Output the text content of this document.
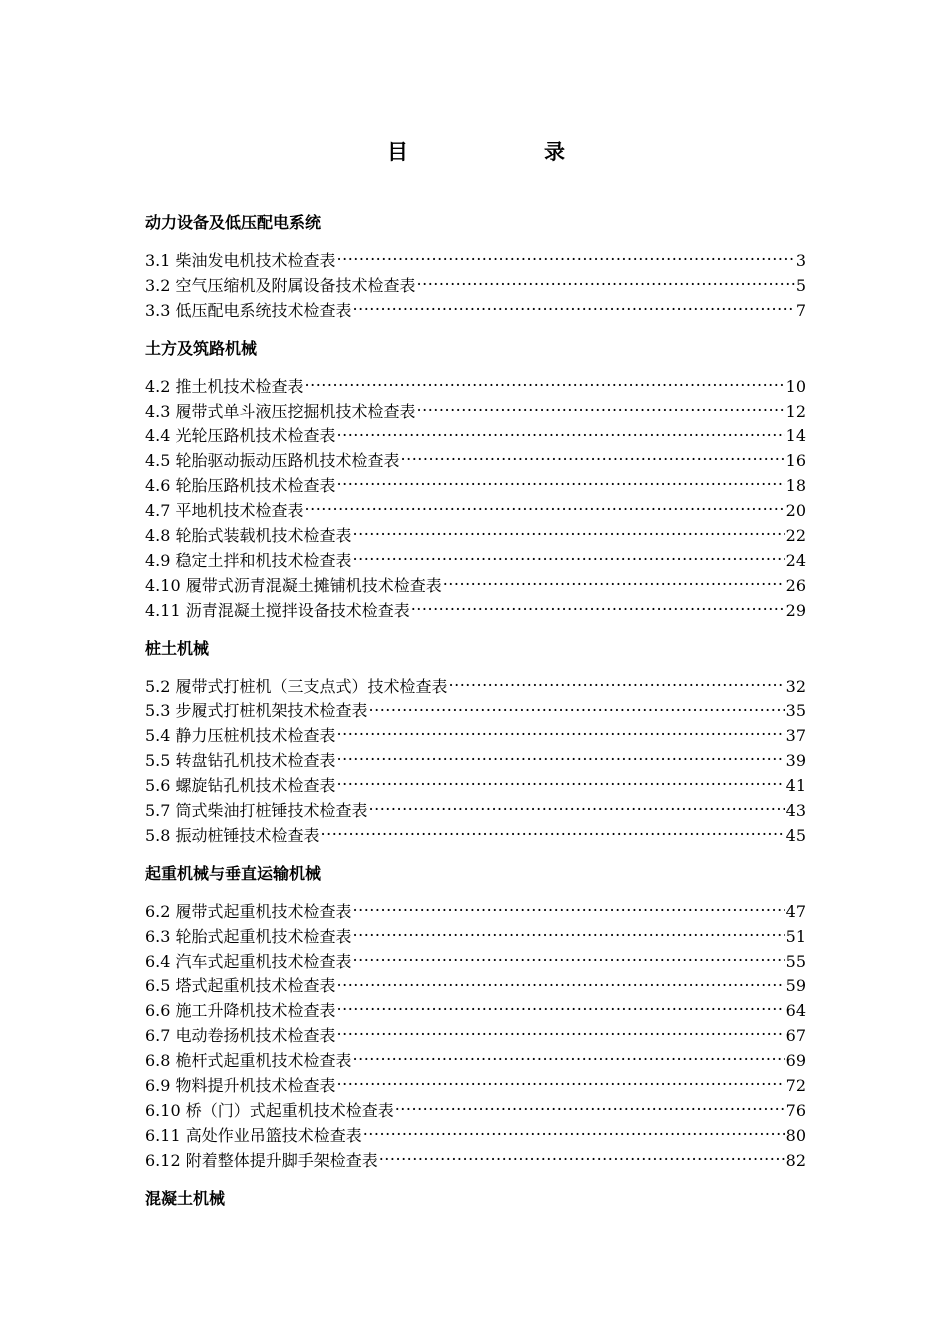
目	录
动力设备及低压配电系统
3.1 柴油发电机技术检查表 .....	3
3.2 空气压缩机及附属设备技术检查表 .....	5
3.3 低压配电系统技术检查表 .....	7
土方及筑路机械
4.2 推土机技术检查表 .....	10
4.3 履带式单斗液压挖掘机技术检查表 .....	12
4.4 光轮压路机技术检查表 .....	14
4.5 轮胎驱动振动压路机技术检查表 .....	16
4.6 轮胎压路机技术检查表 .....	18
4.7 平地机技术检查表 .....	20
4.8 轮胎式装载机技术检查表 .....	22
4.9 稳定土拌和机技术检查表 .....	24
4.10 履带式沥青混凝土摊铺机技术检查表 .....	26
4.11 沥青混凝土搅拌设备技术检查表 .....	29
桩土机械
5.2 履带式打桩机（三支点式）技术检查表 .....	32
5.3 步履式打桩机架技术检查表 .....	35
5.4 静力压桩机技术检查表 .....	37
5.5 转盘钻孔机技术检查表 .....	39
5.6 螺旋钻孔机技术检查表 .....	41
5.7 筒式柴油打桩锤技术检查表 .....	43
5.8 振动桩锤技术检查表 .....	45
起重机械与垂直运输机械
6.2 履带式起重机技术检查表 .....	47
6.3 轮胎式起重机技术检查表 .....	51
6.4 汽车式起重机技术检查表 .....	55
6.5 塔式起重机技术检查表 .....	59
6.6 施工升降机技术检查表 .....	64
6.7 电动卷扬机技术检查表 .....	67
6.8 桅杆式起重机技术检查表 .....	69
6.9 物料提升机技术检查表 .....	72
6.10 桥（门）式起重机技术检查表 .....	76
6.11 高处作业吊篮技术检查表 .....	80
6.12 附着整体提升脚手架检查表 .....	82
混凝土机械
